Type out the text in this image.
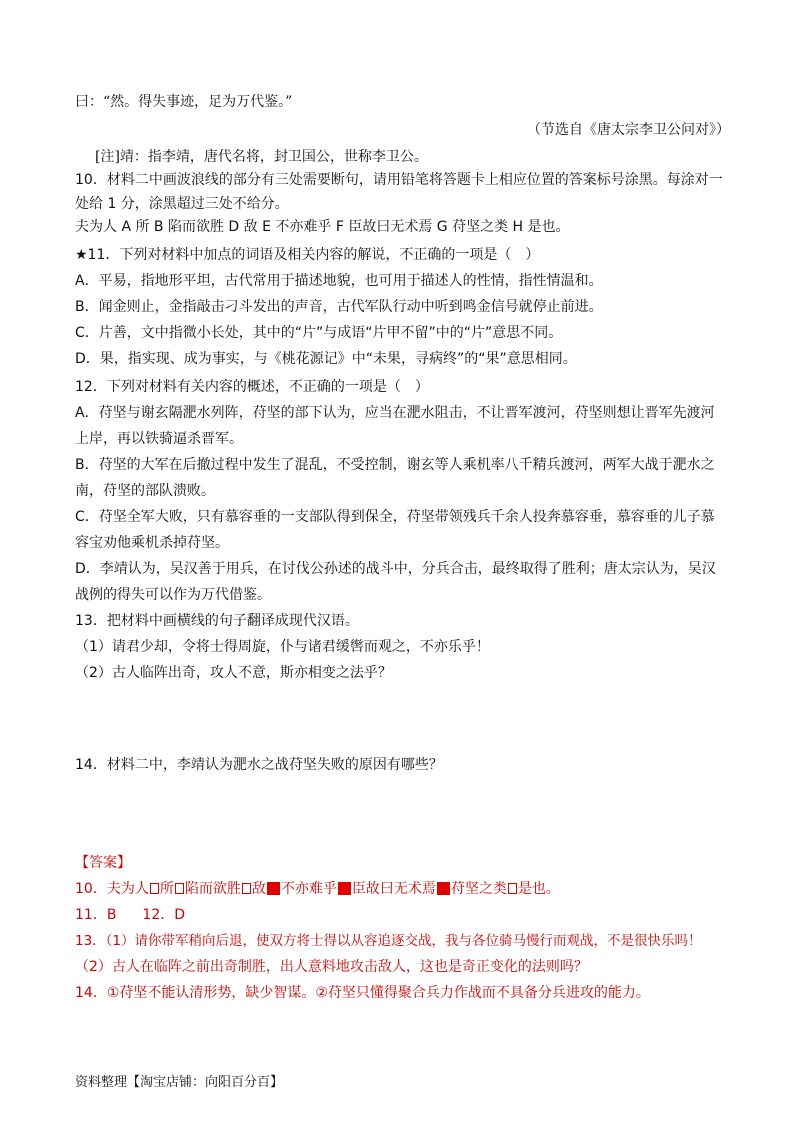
曰：“然。得失事迹，足为万代鉴。”
（节选自《唐太宗李卫公问对》）
[注]靖：指李靖，唐代名将，封卫国公，世称李卫公。
10．材料二中画波浪线的部分有三处需要断句，请用铅笔将答题卡上相应位置的答案标号涂黑。每涂对一
处给 1 分，涂黑超过三处不给分。
夫为人 A 所 B 陷而欲胜 D 敌 E 不亦难乎 F 臣故曰无术焉 G 苻坚之类 H 是也。
★11．下列对材料中加点的词语及相关内容的解说，不正确的一项是（　）
A．平易，指地形平坦，古代常用于描述地貌，也可用于描述人的性情，指性情温和。
B．闻金则止，金指敲击刁斗发出的声音，古代军队行动中听到鸣金信号就停止前进。
C．片善，文中指微小长处，其中的“片”与成语“片甲不留”中的“片”意思不同。
D．果，指实现、成为事实，与《桃花源记》中“未果，寻病终”的“果”意思相同。
12．下列对材料有关内容的概述，不正确的一项是（　）
A．苻坚与谢玄隔淝水列阵，苻坚的部下认为，应当在淝水阻击，不让晋军渡河，苻坚则想让晋军先渡河
上岸，再以铁骑逼杀晋军。
B．苻坚的大军在后撤过程中发生了混乱，不受控制，谢玄等人乘机率八千精兵渡河，两军大战于淝水之
南，苻坚的部队溃败。
C．苻坚全军大败，只有慕容垂的一支部队得到保全，苻坚带领残兵千余人投奔慕容垂，慕容垂的儿子慕
容宝劝他乘机杀掉苻坚。
D．李靖认为，吴汉善于用兵，在讨伐公孙述的战斗中，分兵合击，最终取得了胜利；唐太宗认为，吴汉
战例的得失可以作为万代借鉴。
13．把材料中画横线的句子翻译成现代汉语。
（1）请君少却，令将士得周旋，仆与诸君缓辔而观之，不亦乐乎！
（2）古人临阵出奇，攻人不意，斯亦相变之法乎？
14．材料二中，李靖认为淝水之战苻坚失败的原因有哪些？
【答案】
10．夫为人 所 陷而欲胜 敌 不亦难乎 臣故曰无术焉 苻坚之类 是也。
11．B 12．D
13．（1）请你带军稍向后退，使双方将士得以从容追逐交战，我与各位骑马慢行而观战，不是很快乐吗！
（2）古人在临阵之前出奇制胜，出人意料地攻击敌人，这也是奇正变化的法则吗？
14．①苻坚不能认清形势，缺少智谋。②苻坚只懂得聚合兵力作战而不具备分兵进攻的能力。
资料整理【淘宝店铺：向阳百分百】
